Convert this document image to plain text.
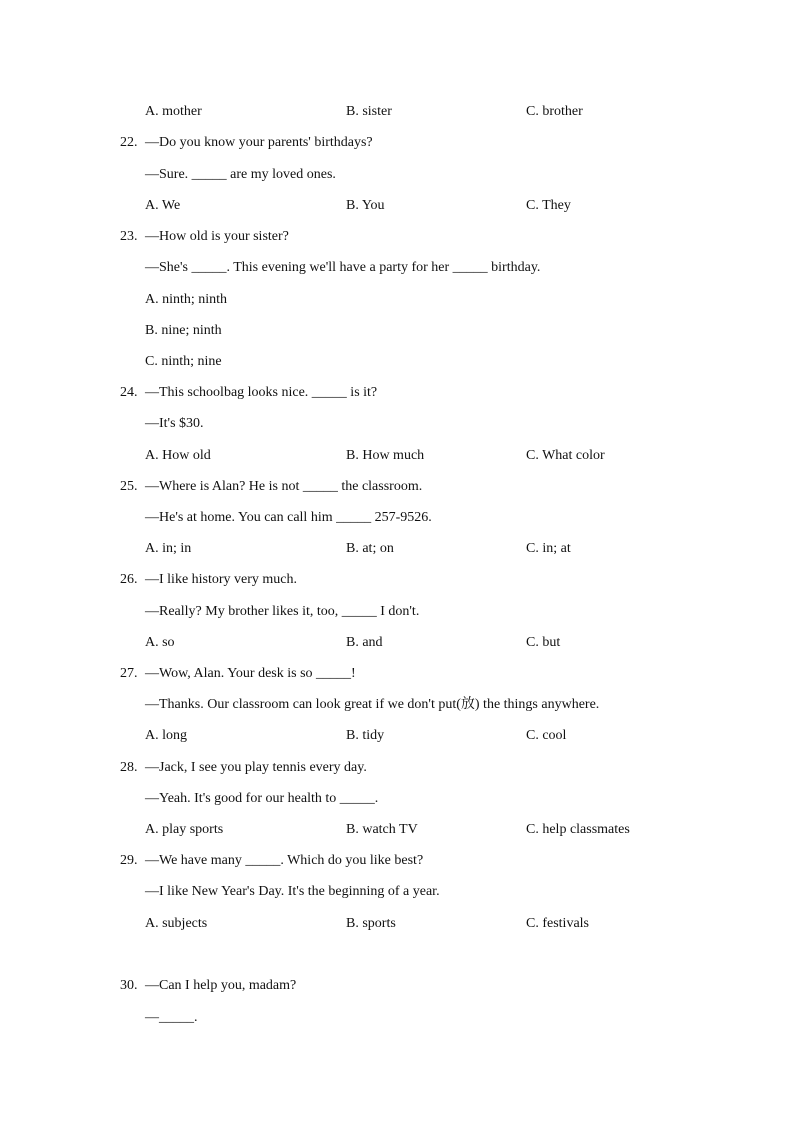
A. mother	B. sister	C. brother
22. —Do you know your parents' birthdays?
—Sure. _____ are my loved ones.
A. We	B. You	C. They
23. —How old is your sister?
—She's _____. This evening we'll have a party for her _____ birthday.
A. ninth; ninth
B. nine; ninth
C. ninth; nine
24. —This schoolbag looks nice. _____ is it?
—It's $30.
A. How old	B. How much	C. What color
25. —Where is Alan? He is not _____ the classroom.
—He's at home. You can call him _____ 257-9526.
A. in; in	B. at; on	C. in; at
26. —I like history very much.
—Really? My brother likes it, too, _____ I don't.
A. so	B. and	C. but
27. —Wow, Alan. Your desk is so _____!
—Thanks. Our classroom can look great if we don't put(放) the things anywhere.
A. long	B. tidy	C. cool
28. —Jack, I see you play tennis every day.
—Yeah. It's good for our health to _____.
A. play sports	B. watch TV	C. help classmates
29. —We have many _____. Which do you like best?
—I like New Year's Day. It's the beginning of a year.
A. subjects	B. sports	C. festivals
30. —Can I help you, madam?
—_____.
